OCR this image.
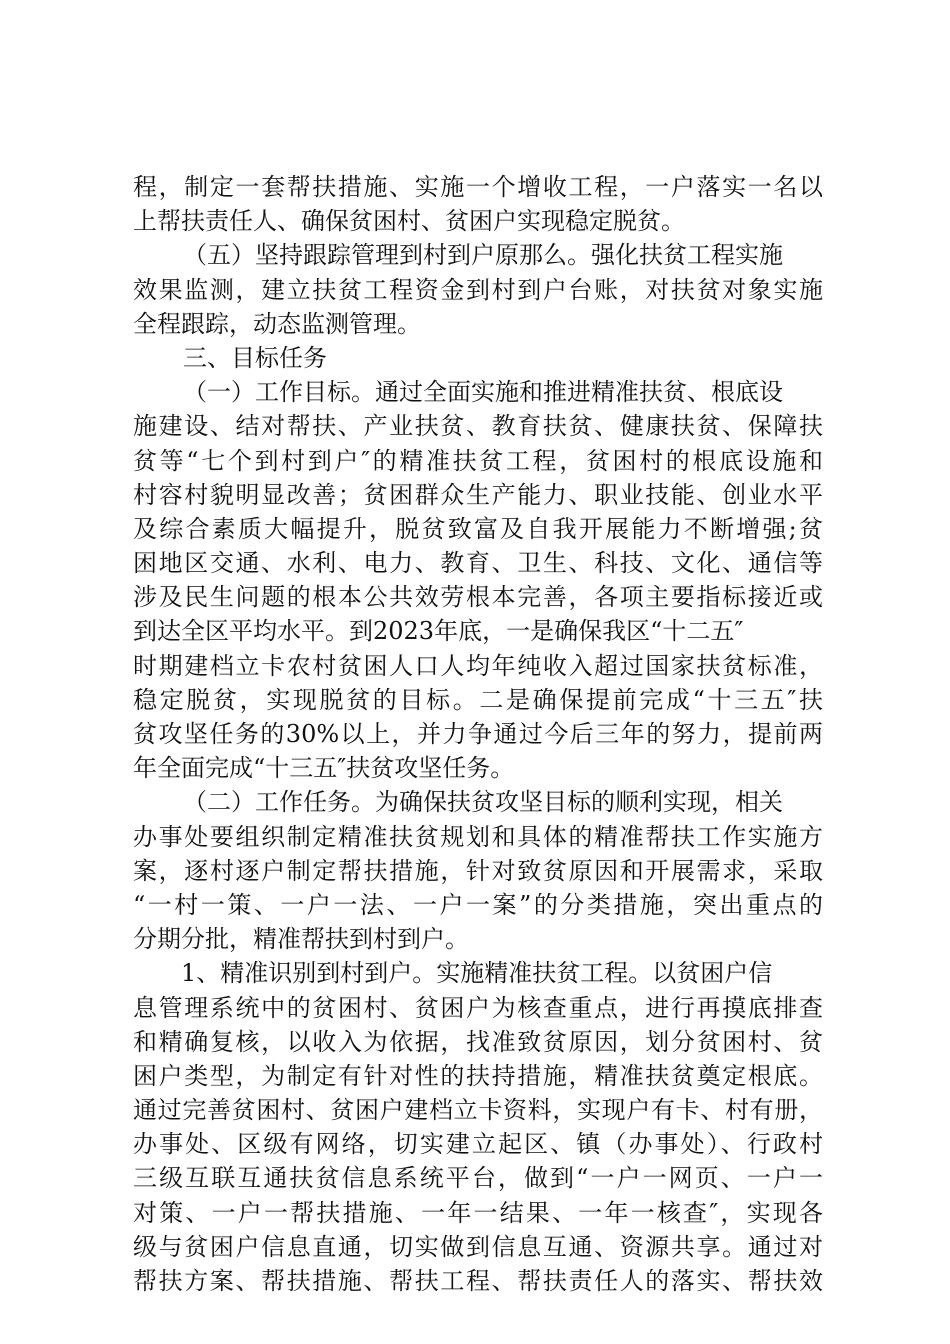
程，制定一套帮扶措施、实施一个增收工程，一户落实一名以
上帮扶责任人、确保贫困村、贫困户实现稳定脱贫。
（五）坚持跟踪管理到村到户原那么。强化扶贫工程实施
效果监测，建立扶贫工程资金到村到户台账，对扶贫对象实施
全程跟踪，动态监测管理。
三、目标任务
（一）工作目标。通过全面实施和推进精准扶贫、根底设
施建设、结对帮扶、产业扶贫、教育扶贫、健康扶贫、保障扶
贫等“七个到村到户″的精准扶贫工程，贫困村的根底设施和
村容村貌明显改善；贫困群众生产能力、职业技能、创业水平
及综合素质大幅提升，脱贫致富及自我开展能力不断增强;贫
困地区交通、水利、电力、教育、卫生、科技、文化、通信等
涉及民生问题的根本公共效劳根本完善，各项主要指标接近或
到达全区平均水平。到2023年底，一是确保我区“十二五″
时期建档立卡农村贫困人口人均年纯收入超过国家扶贫标准，
稳定脱贫，实现脱贫的目标。二是确保提前完成“十三五″扶
贫攻坚任务的30%以上，并力争通过今后三年的努力，提前两
年全面完成“十三五″扶贫攻坚任务。
（二）工作任务。为确保扶贫攻坚目标的顺利实现，相关
办事处要组织制定精准扶贫规划和具体的精准帮扶工作实施方
案，逐村逐户制定帮扶措施，针对致贫原因和开展需求，采取
“一村一策、一户一法、一户一案”的分类措施，突出重点的
分期分批，精准帮扶到村到户。
1、精准识别到村到户。实施精准扶贫工程。以贫困户信
息管理系统中的贫困村、贫困户为核查重点，进行再摸底排查
和精确复核，以收入为依据，找准致贫原因，划分贫困村、贫
困户类型，为制定有针对性的扶持措施，精准扶贫奠定根底。
通过完善贫困村、贫困户建档立卡资料，实现户有卡、村有册，
办事处、区级有网络，切实建立起区、镇（办事处）、行政村
三级互联互通扶贫信息系统平台，做到“一户一网页、一户一
对策、一户一帮扶措施、一年一结果、一年一核查″，实现各
级与贫困户信息直通，切实做到信息互通、资源共享。通过对
帮扶方案、帮扶措施、帮扶工程、帮扶责任人的落实、帮扶效
